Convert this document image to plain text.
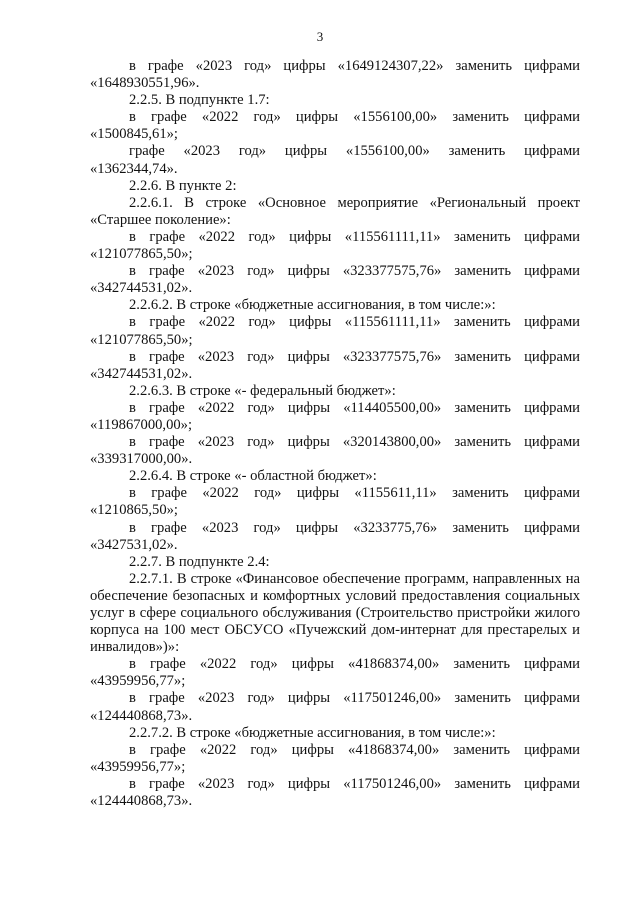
3

в графе «2023 год» цифры «1649124307,22» заменить цифрами «1648930551,96».

2.2.5. В подпункте 1.7:

в графе «2022 год» цифры «1556100,00» заменить цифрами «1500845,61»;

графе «2023 год» цифры «1556100,00» заменить цифрами «1362344,74».

2.2.6. В пункте 2:

2.2.6.1. В строке «Основное мероприятие «Региональный проект «Старшее поколение»:

в графе «2022 год» цифры «115561111,11» заменить цифрами «121077865,50»;

в графе «2023 год» цифры «323377575,76» заменить цифрами «342744531,02».

2.2.6.2. В строке «бюджетные ассигнования, в том числе:»:

в графе «2022 год» цифры «115561111,11» заменить цифрами «121077865,50»;

в графе «2023 год» цифры «323377575,76» заменить цифрами «342744531,02».

2.2.6.3. В строке «- федеральный бюджет»:

в графе «2022 год» цифры «114405500,00» заменить цифрами «119867000,00»;

в графе «2023 год» цифры «320143800,00» заменить цифрами «339317000,00».

2.2.6.4. В строке «- областной бюджет»:

в графе «2022 год» цифры «1155611,11» заменить цифрами «1210865,50»;

в графе «2023 год» цифры «3233775,76» заменить цифрами «3427531,02».

2.2.7. В подпункте 2.4:

2.2.7.1. В строке «Финансовое обеспечение программ, направленных на обеспечение безопасных и комфортных условий предоставления социальных услуг в сфере социального обслуживания (Строительство пристройки жилого корпуса на 100 мест ОБСУСО «Пучежский дом-интернат для престарелых и инвалидов»)»:

в графе «2022 год» цифры «41868374,00» заменить цифрами «43959956,77»;

в графе «2023 год» цифры «117501246,00» заменить цифрами «124440868,73».

2.2.7.2. В строке «бюджетные ассигнования, в том числе:»:

в графе «2022 год» цифры «41868374,00» заменить цифрами «43959956,77»;

в графе «2023 год» цифры «117501246,00» заменить цифрами «124440868,73».
